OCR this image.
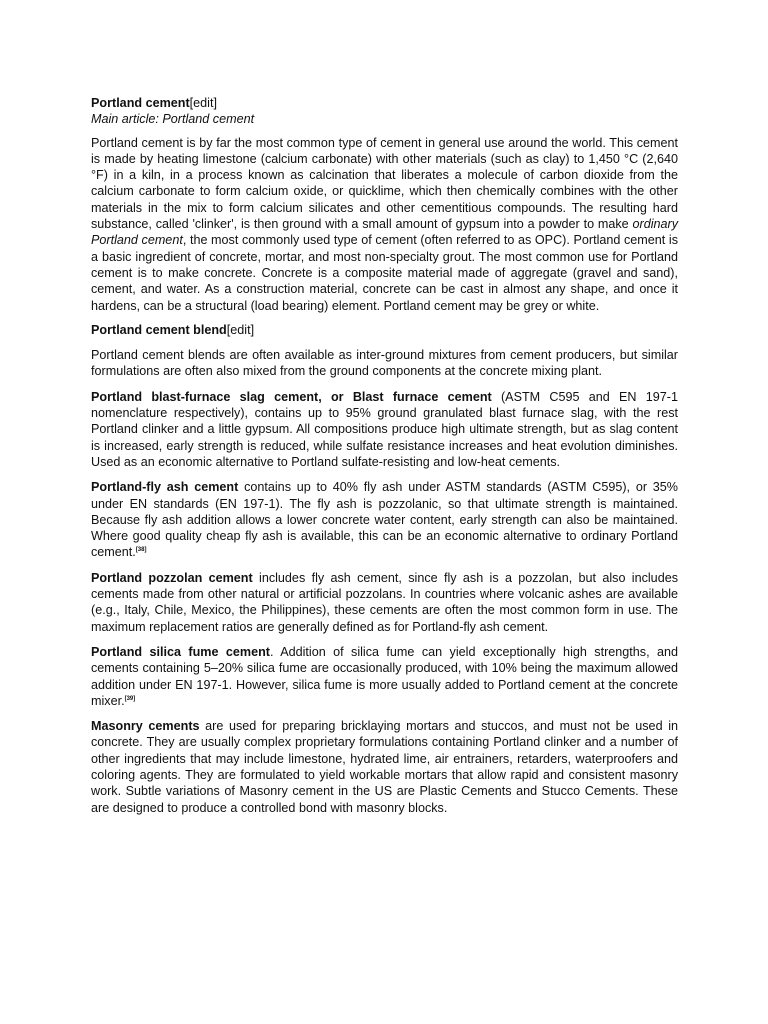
Portland cement[edit]

Main article: Portland cement

Portland cement is by far the most common type of cement in general use around the world. This cement is made by heating limestone (calcium carbonate) with other materials (such as clay) to 1,450 °C (2,640 °F) in a kiln, in a process known as calcination that liberates a molecule of carbon dioxide from the calcium carbonate to form calcium oxide, or quicklime, which then chemically combines with the other materials in the mix to form calcium silicates and other cementitious compounds. The resulting hard substance, called 'clinker', is then ground with a small amount of gypsum into a powder to make ordinary Portland cement, the most commonly used type of cement (often referred to as OPC). Portland cement is a basic ingredient of concrete, mortar, and most non-specialty grout. The most common use for Portland cement is to make concrete. Concrete is a composite material made of aggregate (gravel and sand), cement, and water. As a construction material, concrete can be cast in almost any shape, and once it hardens, can be a structural (load bearing) element. Portland cement may be grey or white.

Portland cement blend[edit]

Portland cement blends are often available as inter-ground mixtures from cement producers, but similar formulations are often also mixed from the ground components at the concrete mixing plant.

Portland blast-furnace slag cement, or Blast furnace cement (ASTM C595 and EN 197-1 nomenclature respectively), contains up to 95% ground granulated blast furnace slag, with the rest Portland clinker and a little gypsum. All compositions produce high ultimate strength, but as slag content is increased, early strength is reduced, while sulfate resistance increases and heat evolution diminishes. Used as an economic alternative to Portland sulfate-resisting and low-heat cements.

Portland-fly ash cement contains up to 40% fly ash under ASTM standards (ASTM C595), or 35% under EN standards (EN 197-1). The fly ash is pozzolanic, so that ultimate strength is maintained. Because fly ash addition allows a lower concrete water content, early strength can also be maintained. Where good quality cheap fly ash is available, this can be an economic alternative to ordinary Portland cement.[38]

Portland pozzolan cement includes fly ash cement, since fly ash is a pozzolan, but also includes cements made from other natural or artificial pozzolans. In countries where volcanic ashes are available (e.g., Italy, Chile, Mexico, the Philippines), these cements are often the most common form in use. The maximum replacement ratios are generally defined as for Portland-fly ash cement.

Portland silica fume cement. Addition of silica fume can yield exceptionally high strengths, and cements containing 5–20% silica fume are occasionally produced, with 10% being the maximum allowed addition under EN 197-1. However, silica fume is more usually added to Portland cement at the concrete mixer.[39]

Masonry cements are used for preparing bricklaying mortars and stuccos, and must not be used in concrete. They are usually complex proprietary formulations containing Portland clinker and a number of other ingredients that may include limestone, hydrated lime, air entrainers, retarders, waterproofers and coloring agents. They are formulated to yield workable mortars that allow rapid and consistent masonry work. Subtle variations of Masonry cement in the US are Plastic Cements and Stucco Cements. These are designed to produce a controlled bond with masonry blocks.
